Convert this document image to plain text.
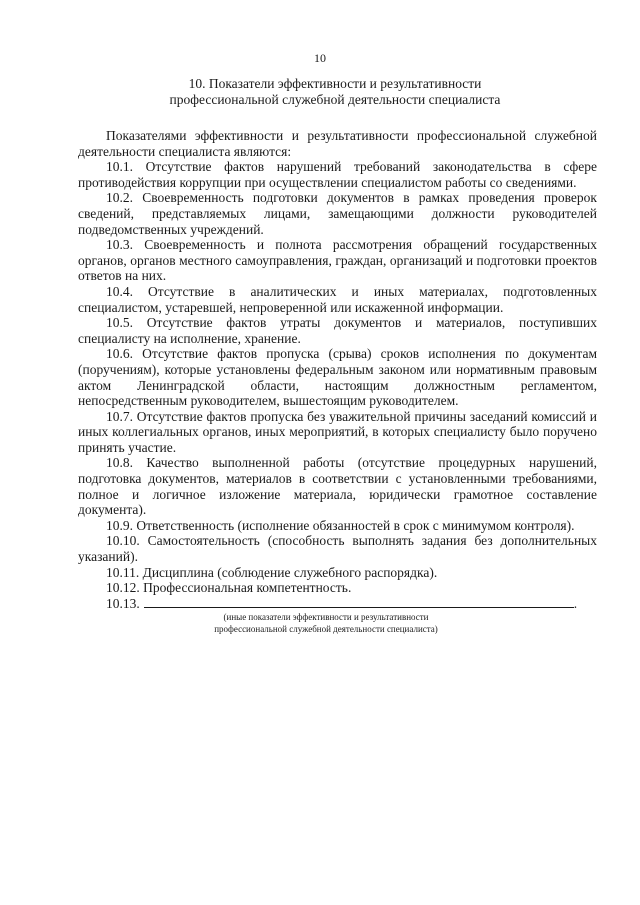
10
10. Показатели эффективности и результативности
профессиональной служебной деятельности специалиста

Показателями эффективности и результативности профессиональной служебной деятельности специалиста являются:

10.1. Отсутствие фактов нарушений требований законодательства в сфере противодействия коррупции при осуществлении специалистом работы со сведениями.

10.2. Своевременность подготовки документов в рамках проведения проверок сведений, представляемых лицами, замещающими должности руководителей подведомственных учреждений.

10.3. Своевременность и полнота рассмотрения обращений государственных органов, органов местного самоуправления, граждан, организаций и подготовки проектов ответов на них.

10.4. Отсутствие в аналитических и иных материалах, подготовленных специалистом, устаревшей, непроверенной или искаженной информации.

10.5. Отсутствие фактов утраты документов и материалов, поступивших специалисту на исполнение, хранение.

10.6. Отсутствие фактов пропуска (срыва) сроков исполнения по документам (поручениям), которые установлены федеральным законом или нормативным правовым актом Ленинградской области, настоящим должностным регламентом, непосредственным руководителем, вышестоящим руководителем.

10.7. Отсутствие фактов пропуска без уважительной причины заседаний комиссий и иных коллегиальных органов, иных мероприятий, в которых специалисту было поручено принять участие.

10.8. Качество выполненной работы (отсутствие процедурных нарушений, подготовка документов, материалов в соответствии с установленными требованиями, полное и логичное изложение материала, юридически грамотное составление документа).

10.9. Ответственность (исполнение обязанностей в срок с минимумом контроля).

10.10. Самостоятельность (способность выполнять задания без дополнительных указаний).

10.11. Дисциплина (соблюдение служебного распорядка).

10.12. Профессиональная компетентность.

10.13.	.

(иные показатели эффективности и результативности
профессиональной служебной деятельности специалиста)
